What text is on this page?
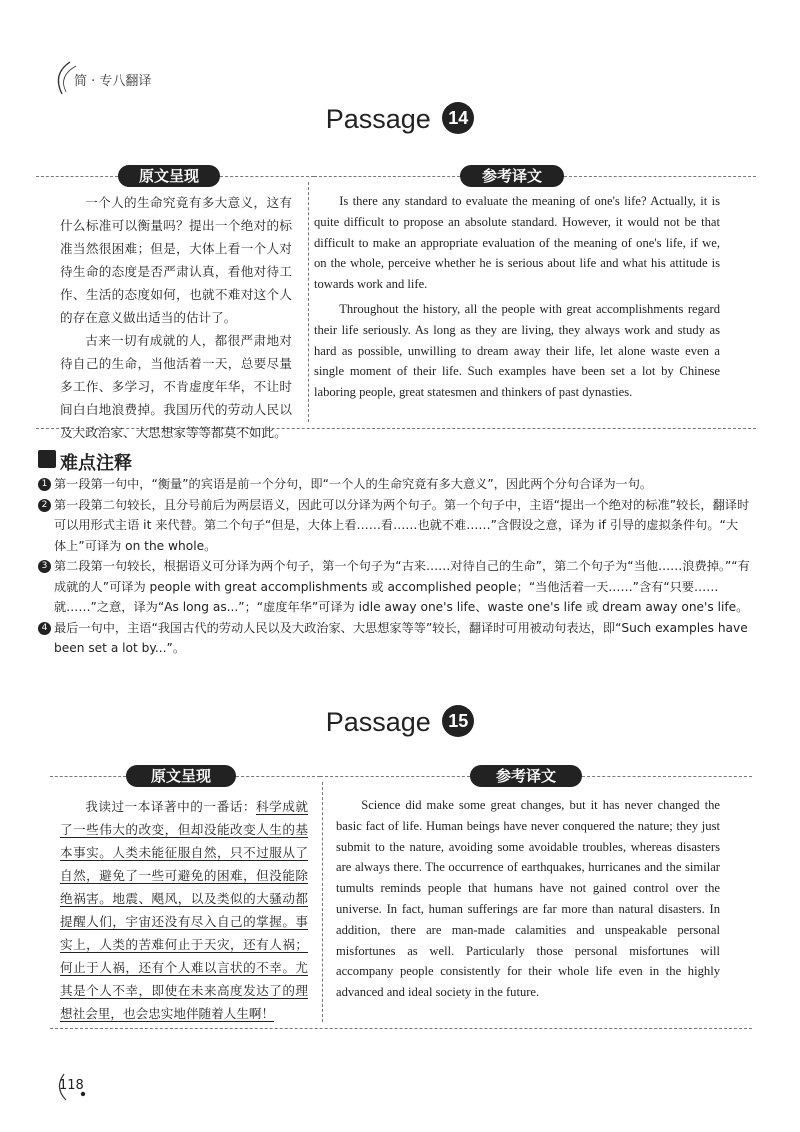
简 · 专八翻译
Passage 14
原文呈现	参考译文

一个人的生命究竟有多大意义，这有什么标准可以衡量吗？提出一个绝对的标准当然很困难；但是，大体上看一个人对待生命的态度是否严肃认真，看他对待工作、生活的态度如何，也就不难对这个人的存在意义做出适当的估计了。

古来一切有成就的人，都很严肃地对待自己的生命，当他活着一天，总要尽量多工作、多学习，不肯虚度年华，不让时间白白地浪费掉。我国历代的劳动人民以及大政治家、大思想家等等都莫不如此。

Is there any standard to evaluate the meaning of one's life? Actually, it is quite difficult to propose an absolute standard. However, it would not be that difficult to make an appropriate evaluation of the meaning of one's life, if we, on the whole, perceive whether he is serious about life and what his attitude is towards work and life.

Throughout the history, all the people with great accomplishments regard their life seriously. As long as they are living, they always work and study as hard as possible, unwilling to dream away their life, let alone waste even a single moment of their life. Such examples have been set a lot by Chinese laboring people, great statesmen and thinkers of past dynasties.

难点注释
1 第一段第一句中，“衡量”的宾语是前一个分句，即“一个人的生命究竟有多大意义”，因此两个分句合译为一句。
2 第一段第二句较长，且分号前后为两层语义，因此可以分译为两个句子。第一个句子中，主语“提出一个绝对的标准”较长，翻译时可以用形式主语 it 来代替。第二个句子“但是，大体上看……看……也就不难……”含假设之意，译为 if 引导的虚拟条件句。“大体上”可译为 on the whole。
3 第二段第一句较长，根据语义可分译为两个句子，第一个句子为“古来……对待自己的生命”，第二个句子为“当他……浪费掉。”“有成就的人”可译为 people with great accomplishments 或 accomplished people；“当他活着一天……”含有“只要……就……”之意，译为“As long as...”；“虚度年华”可译为 idle away one's life、waste one's life 或 dream away one's life。
4 最后一句中，主语“我国古代的劳动人民以及大政治家、大思想家等等”较长，翻译时可用被动句表达，即“Such examples have been set a lot by...”。
Passage 15
原文呈现	参考译文

我读过一本译著中的一番话：科学成就了一些伟大的改变，但却没能改变人生的基本事实。人类未能征服自然，只不过服从了自然，避免了一些可避免的困难，但没能除绝祸害。地震、飓风，以及类似的大骚动都提醒人们，宇宙还没有尽入自己的掌握。事实上，人类的苦难何止于天灾，还有人祸；何止于人祸，还有个人难以言状的不幸。尤其是个人不幸，即使在未来高度发达了的理想社会里，也会忠实地伴随着人生啊！

Science did make some great changes, but it has never changed the basic fact of life. Human beings have never conquered the nature; they just submit to the nature, avoiding some avoidable troubles, whereas disasters are always there. The occurrence of earthquakes, hurricanes and the similar tumults reminds people that humans have not gained control over the universe. In fact, human sufferings are far more than natural disasters. In addition, there are man-made calamities and unspeakable personal misfortunes as well. Particularly those personal misfortunes will accompany people consistently for their whole life even in the highly advanced and ideal society in the future.

118
